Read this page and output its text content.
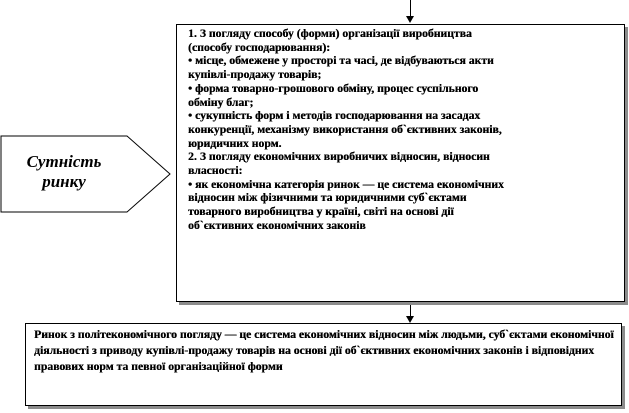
Сутність
ринку
1. З погляду способу (форми) організації виробництва
(способу господарювання):
• місце, обмежене у просторі та часі, де відбуваються акти
купівлі-продажу товарів;
• форма товарно-грошового обміну, процес суспільного
обміну благ;
• сукупність форм і методів господарювання на засадах
конкуренції, механізму використання об`єктивних законів,
юридичних норм.
2. З погляду економічних виробничих відносин, відносин
власності:
• як економічна категорія ринок — це система економічних
відносин між фізичними та юридичними суб`єктами
товарного виробництва у країні, світі на основі дії
об`єктивних економічних законів
Ринок з політекономічного погляду — це система економічних відносин між людьми, суб`єктами економічної діяльності з приводу купівлі-продажу товарів на основі дії об`єктивних економічних законів і відповідних правових норм та певної організаційної форми
